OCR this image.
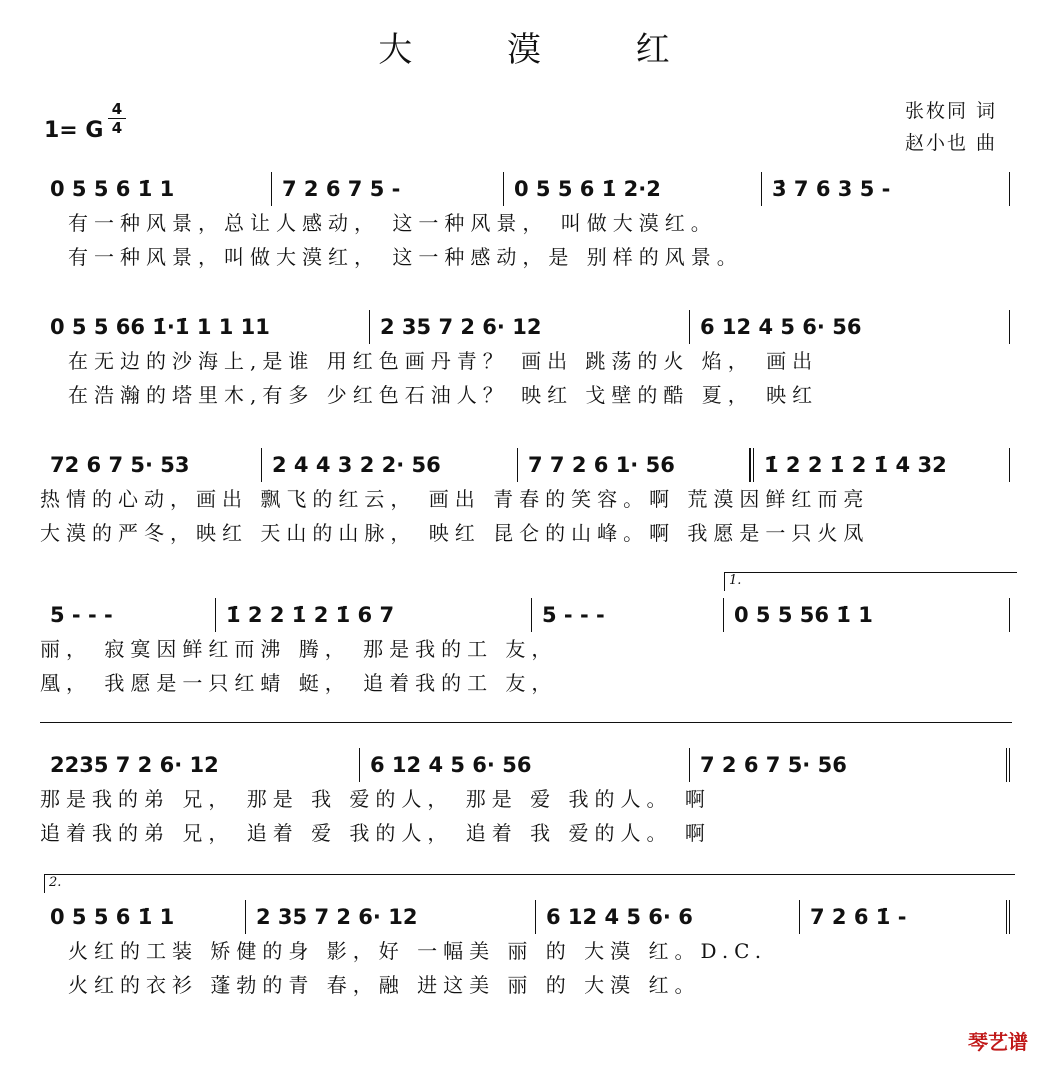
大 漠 红
1= G
4
4
张枚同 词
赵小也 曲
0 5 5 6 1̇ 1	7 2 6 7 5 -	0 5 5 6 1̇ 2·2	3̇ 7 6 3 5 -
有一种风景，总让人感动， 这一种风景， 叫做大漠红。
有一种风景，叫做大漠红， 这一种感动，是 别样的风景。
0 5 5 66 1̇·1̇ 1 1 11	2 35 7 2 6· 12	6 12 4 5 6· 56
在无边的沙海上,是谁 用红色画丹青？ 画出 跳荡的火 焰， 画出
在浩瀚的塔里木,有多 少红色石油人？ 映红 戈壁的酷 夏， 映红
72 6 7 5· 53	2 4 4 3 2 2· 56	7 7 2 6 1· 56	1̇ 2 2 1̇ 2 1̇ 4 32
热情的心动，画出 飘飞的红云， 画出 青春的笑容。啊 荒漠因鲜红而亮
大漠的严冬，映红 天山的山脉， 映红 昆仑的山峰。啊 我愿是一只火凤
1.
5 - - -	1̇ 2 2 1̇ 2 1̇ 6 7	5 - - -	0 5 5 56 1̇ 1
丽， 寂寞因鲜红而沸 腾， 那是我的工 友，
凰， 我愿是一只红蜻 蜓， 追着我的工 友，
2235 7 2 6· 12	6 12 4 5 6· 56	7 2 6 7 5· 56
那是我的弟 兄， 那是 我 爱的人， 那是 爱 我的人。 啊
追着我的弟 兄， 追着 爱 我的人， 追着 我 爱的人。 啊
2.
0 5 5 6 1̇ 1	2 35 7 2 6· 12	6 12 4 5 6· 6	7 2 6 1̇ -
火红的工装 矫健的身 影，好 一幅美 丽 的 大漠 红。D.C.
火红的衣衫 蓬勃的青 春，融 进这美 丽 的 大漠 红。
琴艺谱
